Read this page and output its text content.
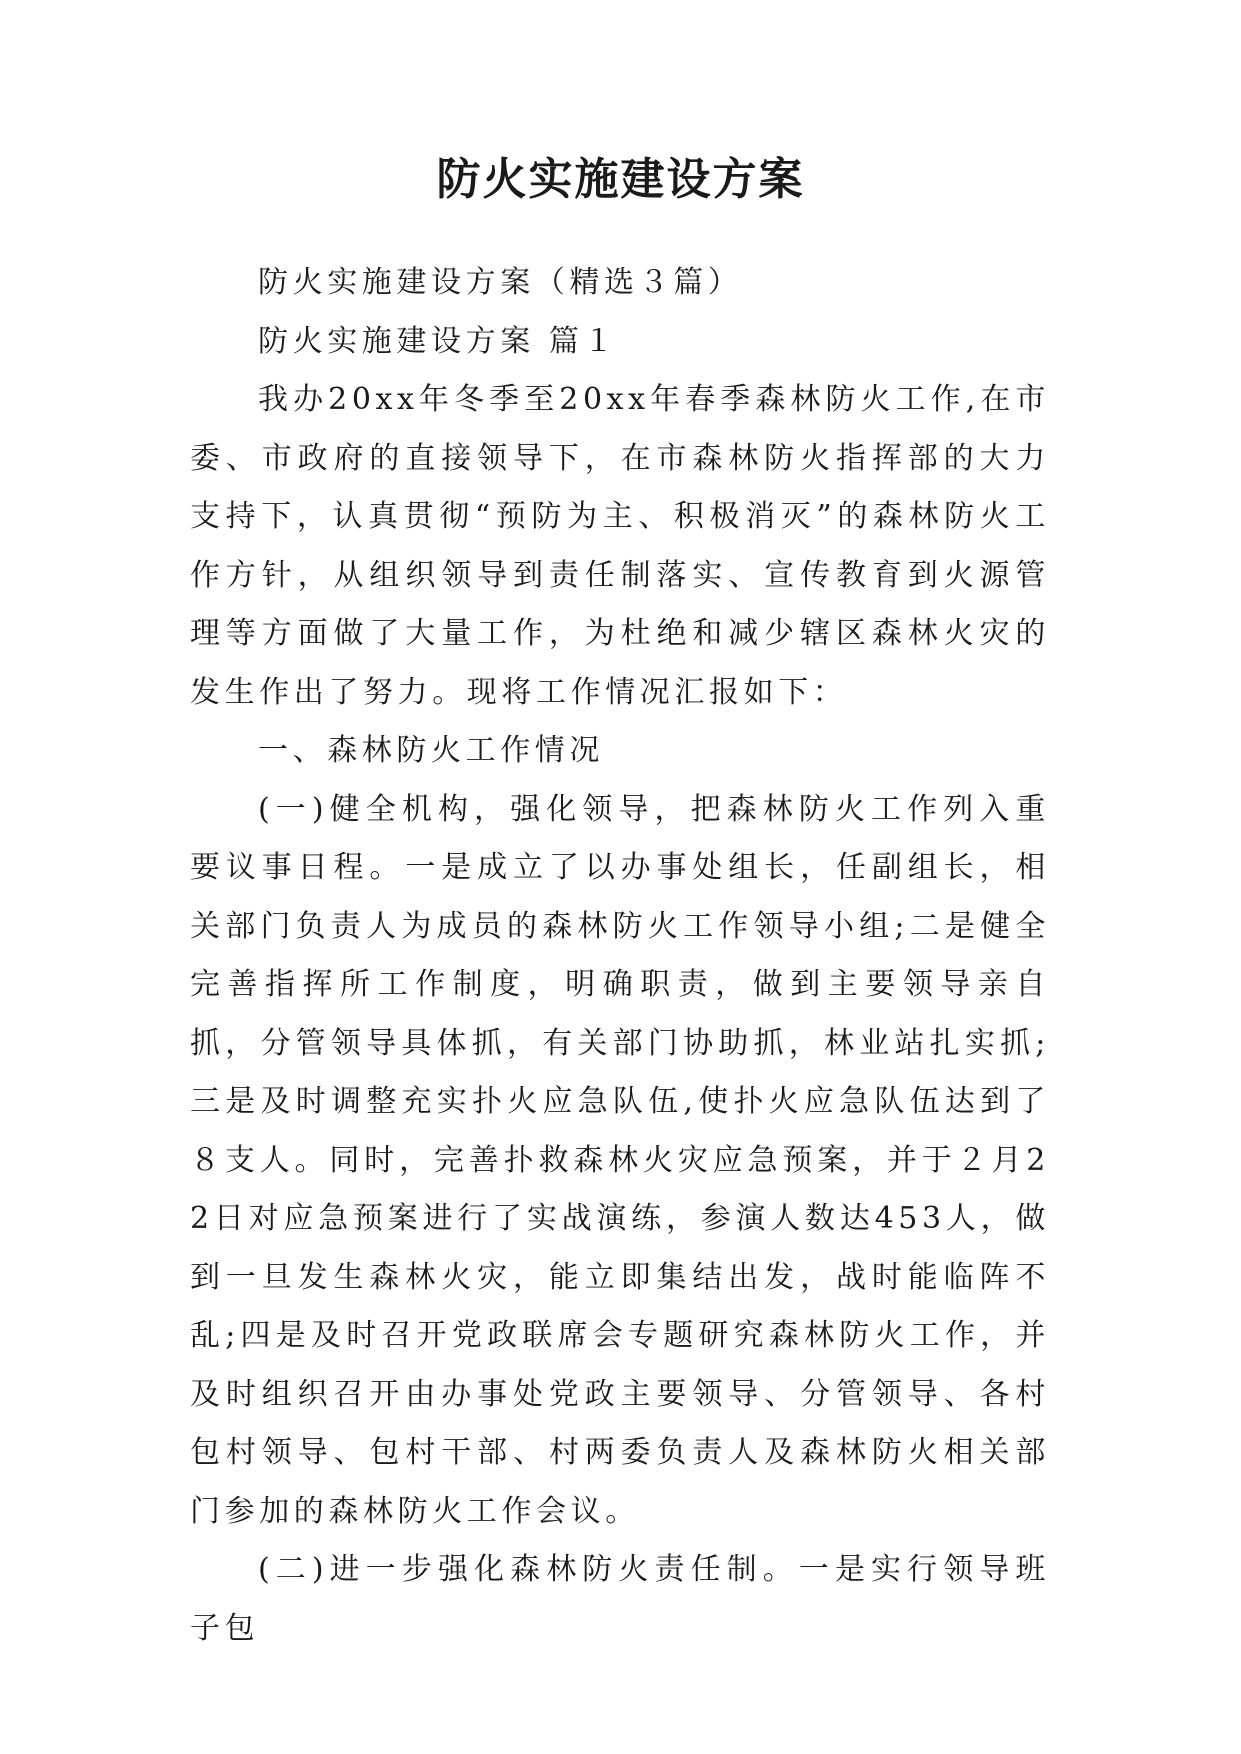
防火实施建设方案

防火实施建设方案（精选３篇）

防火实施建设方案 篇１

我办20xx年冬季至20xx年春季森林防火工作,在市委、市政府的直接领导下，在市森林防火指挥部的大力支持下，认真贯彻“预防为主、积极消灭”的森林防火工作方针，从组织领导到责任制落实、宣传教育到火源管理等方面做了大量工作，为杜绝和减少辖区森林火灾的发生作出了努力。现将工作情况汇报如下：

一、森林防火工作情况

(一)健全机构，强化领导，把森林防火工作列入重要议事日程。一是成立了以办事处组长，任副组长，相关部门负责人为成员的森林防火工作领导小组;二是健全完善指挥所工作制度，明确职责，做到主要领导亲自抓，分管领导具体抓，有关部门协助抓，林业站扎实抓;三是及时调整充实扑火应急队伍,使扑火应急队伍达到了８支人。同时，完善扑救森林火灾应急预案，并于２月22日对应急预案进行了实战演练，参演人数达453人，做到一旦发生森林火灾，能立即集结出发，战时能临阵不乱;四是及时召开党政联席会专题研究森林防火工作，并及时组织召开由办事处党政主要领导、分管领导、各村包村领导、包村干部、村两委负责人及森林防火相关部门参加的森林防火工作会议。

(二)进一步强化森林防火责任制。一是实行领导班子包
